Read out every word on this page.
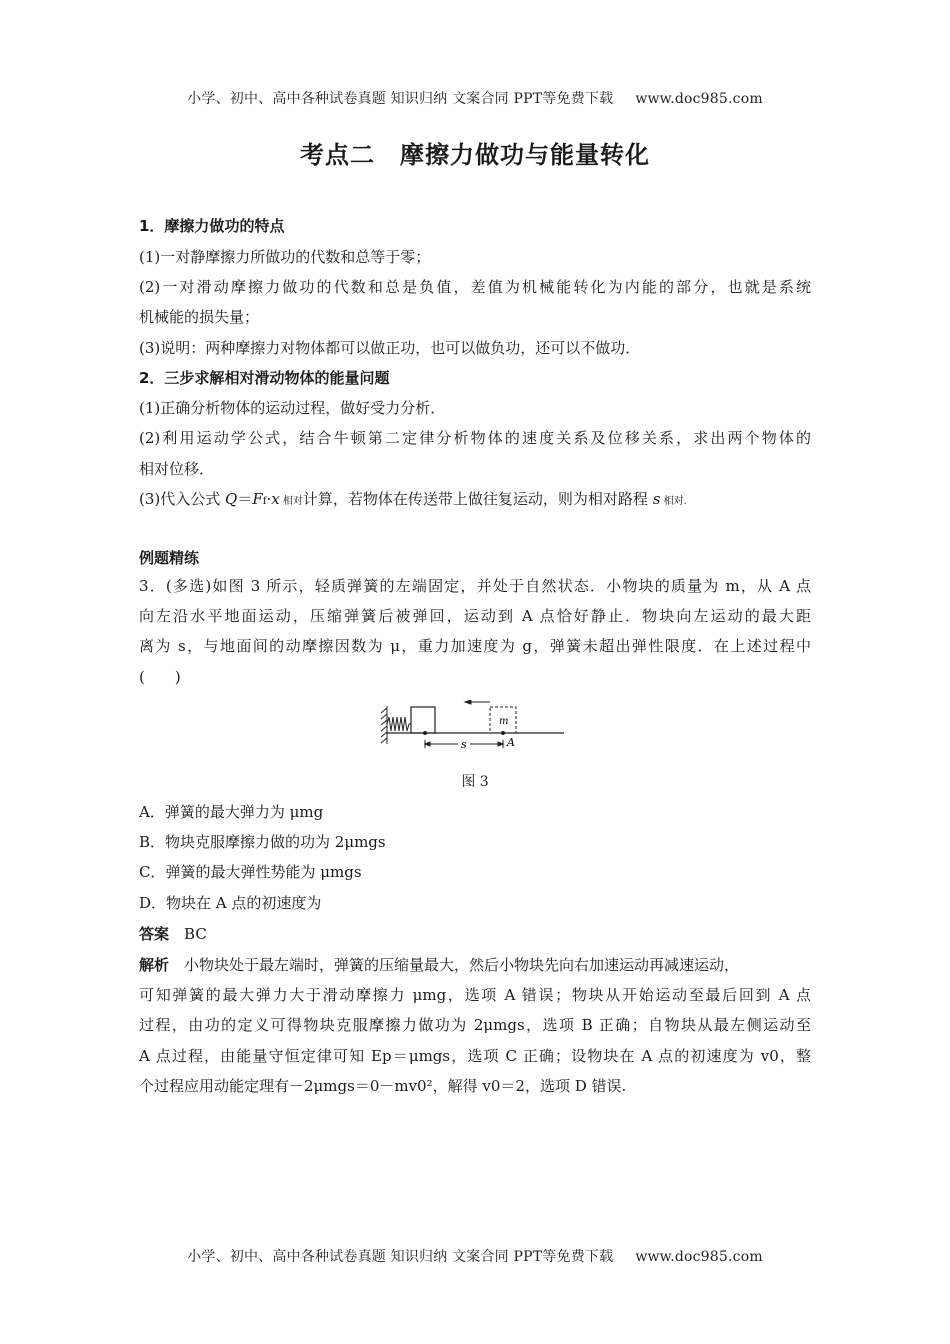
小学、初中、高中各种试卷真题 知识归纳 文案合同 PPT等免费下载 www.doc985.com
考点二　摩擦力做功与能量转化
1．摩擦力做功的特点
(1)一对静摩擦力所做功的代数和总等于零；
(2)一对滑动摩擦力做功的代数和总是负值，差值为机械能转化为内能的部分，也就是系统
机械能的损失量；
(3)说明：两种摩擦力对物体都可以做正功，也可以做负功，还可以不做功．
2．三步求解相对滑动物体的能量问题
(1)正确分析物体的运动过程，做好受力分析．
(2)利用运动学公式，结合牛顿第二定律分析物体的速度关系及位移关系，求出两个物体的
相对位移．
(3)代入公式 Q＝Ff·x 相对计算，若物体在传送带上做往复运动，则为相对路程 s 相对.
例题精练
3．(多选)如图 3 所示，轻质弹簧的左端固定，并处于自然状态．小物块的质量为 m，从 A 点
向左沿水平地面运动，压缩弹簧后被弹回，运动到 A 点恰好静止．物块向左运动的最大距
离为 s，与地面间的动摩擦因数为 μ，重力加速度为 g，弹簧未超出弹性限度．在上述过程中
(　　)
m
s	A
图 3
A．弹簧的最大弹力为 μmg
B．物块克服摩擦力做的功为 2μmgs
C．弹簧的最大弹性势能为 μmgs
D．物块在 A 点的初速度为
答案　 BC
解析　 小物块处于最左端时，弹簧的压缩量最大，然后小物块先向右加速运动再减速运动，
可知弹簧的最大弹力大于滑动摩擦力 μmg，选项 A 错误；物块从开始运动至最后回到 A 点
过程，由功的定义可得物块克服摩擦力做功为 2μmgs，选项 B 正确；自物块从最左侧运动至
A 点过程，由能量守恒定律可知 Ep＝μmgs，选项 C 正确；设物块在 A 点的初速度为 v0，整
个过程应用动能定理有－2μmgs＝0－mv0²，解得 v0＝2，选项 D 错误.
小学、初中、高中各种试卷真题 知识归纳 文案合同 PPT等免费下载 www.doc985.com
